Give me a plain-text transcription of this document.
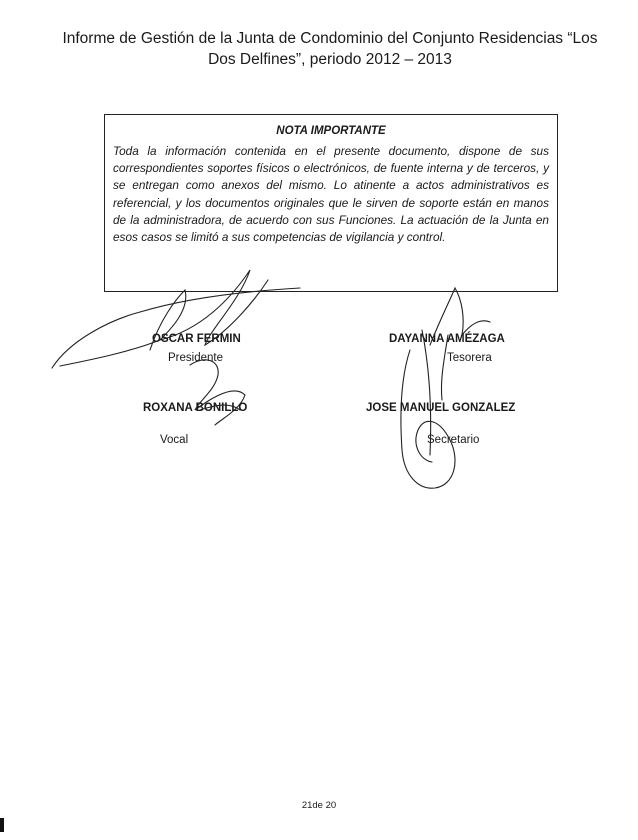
Informe de Gestión de la Junta de Condominio del Conjunto Residencias “Los Dos Delfines”, periodo 2012 – 2013
NOTA IMPORTANTE

Toda la información contenida en el presente documento, dispone de sus correspondientes soportes físicos o electrónicos, de fuente interna y de terceros, y se entregan como anexos del mismo. Lo atinente a actos administrativos es referencial, y los documentos originales que le sirven de soporte están en manos de la administradora, de acuerdo con sus Funciones. La actuación de la Junta en esos casos se limitó a sus competencias de vigilancia y control.

OSCAR FERMIN
Presidente
DAYANNA AMÉZAGA
Tesorera
ROXANA BONILLO
Vocal
JOSE MANUEL GONZALEZ
Secretario
21de 20
